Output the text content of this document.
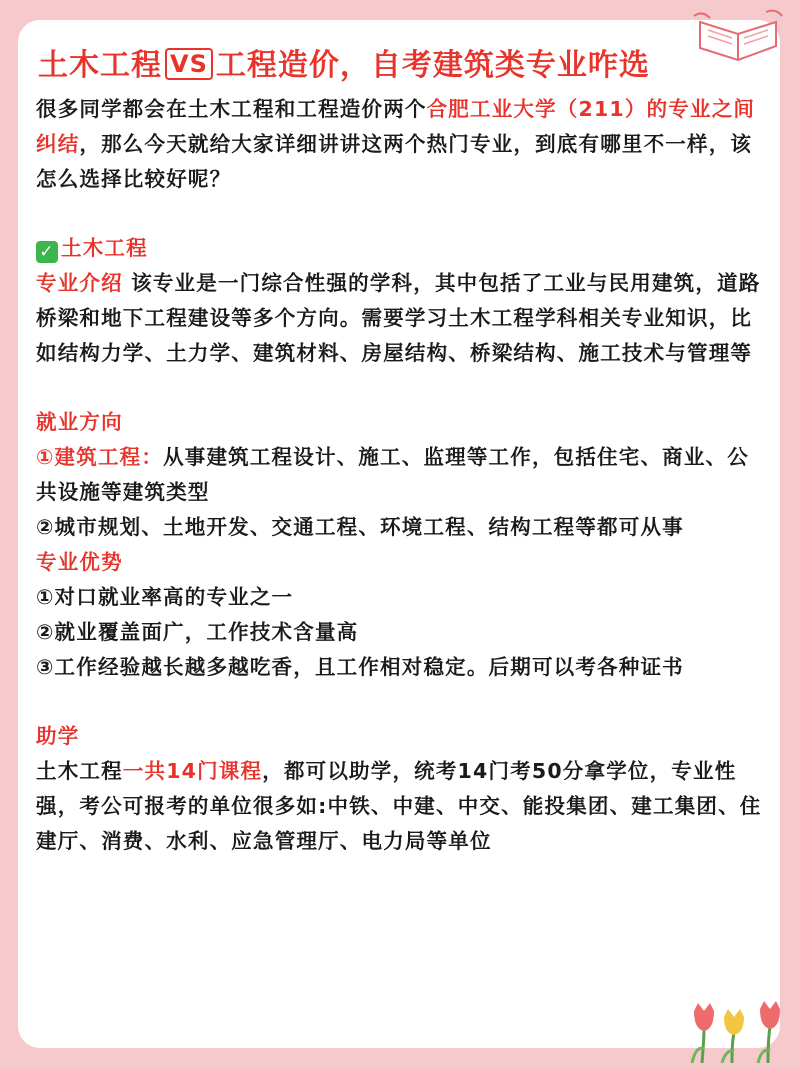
土木工程 VS 工程造价，自考建筑类专业咋选

很多同学都会在土木工程和工程造价两个合肥工业大学（211）的专业之间纠结，那么今天就给大家详细讲讲这两个热门专业，到底有哪里不一样，该怎么选择比较好呢？

✓ 土木工程

专业介绍 该专业是一门综合性强的学科，其中包括了工业与民用建筑，道路桥梁和地下工程建设等多个方向。需要学习土木工程学科相关专业知识，比如结构力学、土力学、建筑材料、房屋结构、桥梁结构、施工技术与管理等

就业方向

①建筑工程：从事建筑工程设计、施工、监理等工作，包括住宅、商业、公共设施等建筑类型

②城市规划、土地开发、交通工程、环境工程、结构工程等都可从事

专业优势

①对口就业率高的专业之一

②就业覆盖面广，工作技术含量高

③工作经验越长越多越吃香，且工作相对稳定。后期可以考各种证书

助学

土木工程一共14门课程，都可以助学，统考14门考50分拿学位，专业性强，考公可报考的单位很多如:中铁、中建、中交、能投集团、建工集团、住建厅、消费、水利、应急管理厅、电力局等单位
